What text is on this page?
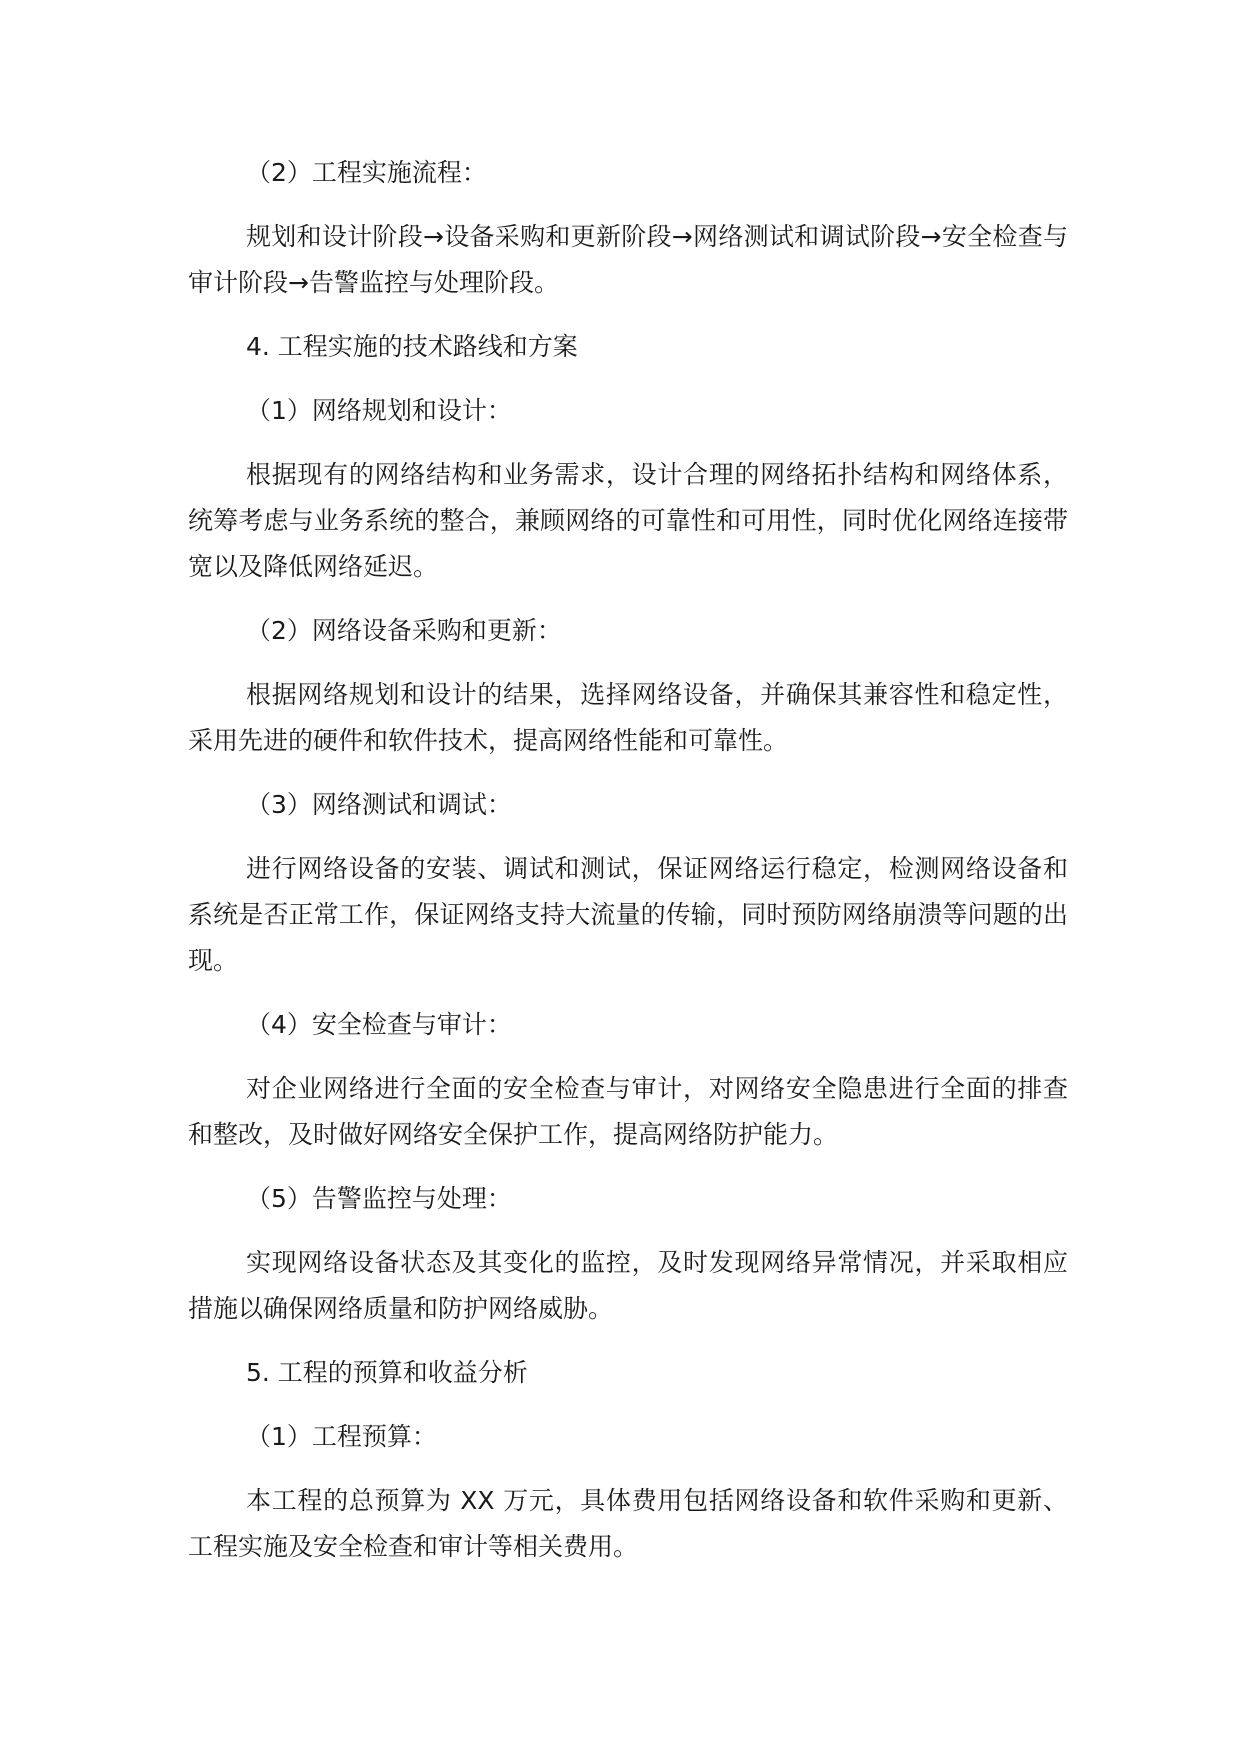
（2）工程实施流程：

规划和设计阶段→设备采购和更新阶段→网络测试和调试阶段→安全检查与审计阶段→告警监控与处理阶段。

4. 工程实施的技术路线和方案

（1）网络规划和设计：

根据现有的网络结构和业务需求，设计合理的网络拓扑结构和网络体系，统筹考虑与业务系统的整合，兼顾网络的可靠性和可用性，同时优化网络连接带宽以及降低网络延迟。

（2）网络设备采购和更新：

根据网络规划和设计的结果，选择网络设备，并确保其兼容性和稳定性，采用先进的硬件和软件技术，提高网络性能和可靠性。

（3）网络测试和调试：

进行网络设备的安装、调试和测试，保证网络运行稳定，检测网络设备和系统是否正常工作，保证网络支持大流量的传输，同时预防网络崩溃等问题的出现。

（4）安全检查与审计：

对企业网络进行全面的安全检查与审计，对网络安全隐患进行全面的排查和整改，及时做好网络安全保护工作，提高网络防护能力。

（5）告警监控与处理：

实现网络设备状态及其变化的监控，及时发现网络异常情况，并采取相应措施以确保网络质量和防护网络威胁。

5. 工程的预算和收益分析

（1）工程预算：

本工程的总预算为 XX 万元，具体费用包括网络设备和软件采购和更新、工程实施及安全检查和审计等相关费用。
